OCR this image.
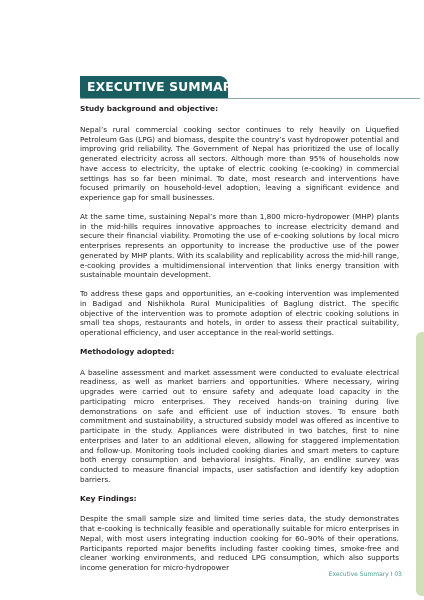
EXECUTIVE SUMMARY
Study background and objective:

Nepal’s rural commercial cooking sector continues to rely heavily on Liquefied Petroleum Gas (LPG) and biomass, despite the country’s vast hydropower potential and improving grid reliability. The Government of Nepal has prioritized the use of locally generated electricity across all sectors. Although more than 95% of households now have access to electricity, the uptake of electric cooking (e-cooking) in commercial settings has so far been minimal. To date, most research and interventions have focused primarily on household-level adoption, leaving a significant evidence and experience gap for small businesses.

At the same time, sustaining Nepal’s more than 1,800 micro-hydropower (MHP) plants in the mid-hills requires innovative approaches to increase electricity demand and secure their financial viability. Promoting the use of e-cooking solutions by local micro enterprises represents an opportunity to increase the productive use of the power generated by MHP plants. With its scalability and replicability across the mid-hill range, e-cooking provides a multidimensional intervention that links energy transition with sustainable mountain development.

To address these gaps and opportunities, an e-cooking intervention was implemented in Badigad and Nishikhola Rural Municipalities of Baglung district. The specific objective of the intervention was to promote adoption of electric cooking solutions in small tea shops, restaurants and hotels, in order to assess their practical suitability, operational efficiency, and user acceptance in the real-world settings.

Methodology adopted:

A baseline assessment and market assessment were conducted to evaluate electrical readiness, as well as market barriers and opportunities. Where necessary, wiring upgrades were carried out to ensure safety and adequate load capacity in the participating micro enterprises. They received hands-on training during live demonstrations on safe and efficient use of induction stoves. To ensure both commitment and sustainability, a structured subsidy model was offered as incentive to participate in the study. Appliances were distributed in two batches, first to nine enterprises and later to an additional eleven, allowing for staggered implementation and follow-up. Monitoring tools included cooking diaries and smart meters to capture both energy consumption and behavioral insights. Finally, an endline survey was conducted to measure financial impacts, user satisfaction and identify key adoption barriers.

Key Findings:

Despite the small sample size and limited time series data, the study demonstrates that e-cooking is technically feasible and operationally suitable for micro enterprises in Nepal, with most users integrating induction cooking for 60–90% of their operations. Participants reported major benefits including faster cooking times, smoke-free and cleaner working environments, and reduced LPG consumption, which also supports income generation for micro-hydropower

Executive Summary I 03
